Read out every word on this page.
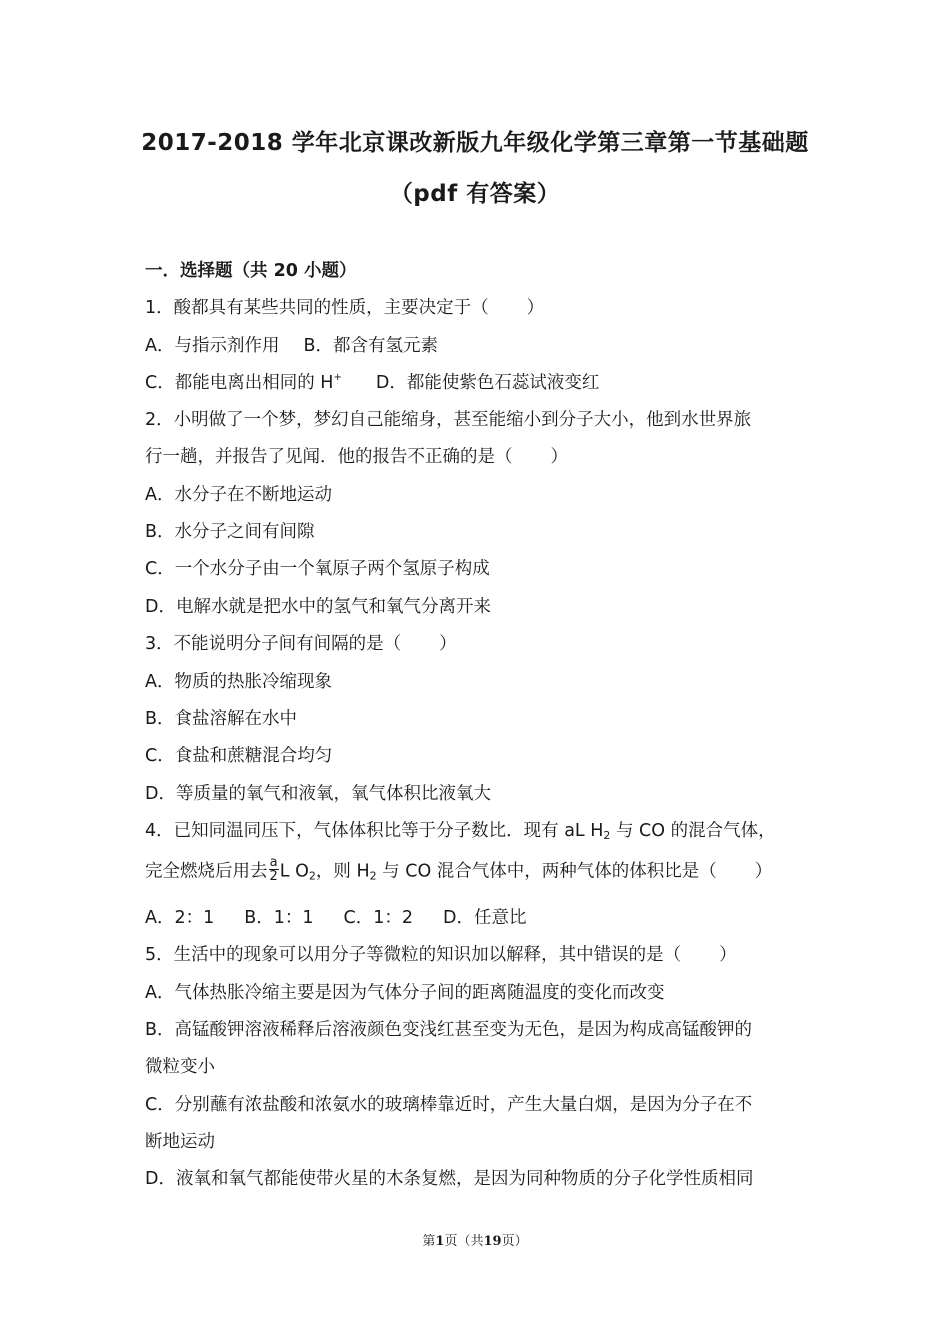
2017-2018 学年北京课改新版九年级化学第三章第一节基础题
（pdf 有答案）
一．选择题（共 20 小题）
1．酸都具有某些共同的性质，主要决定于（ ）
A．与指示剂作用 B．都含有氢元素
C．都能电离出相同的 H+ D．都能使紫色石蕊试液变红
2．小明做了一个梦，梦幻自己能缩身，甚至能缩小到分子大小，他到水世界旅
行一趟，并报告了见闻．他的报告不正确的是（ ）
A．水分子在不断地运动
B．水分子之间有间隙
C．一个水分子由一个氧原子两个氢原子构成
D．电解水就是把水中的氢气和氧气分离开来
3．不能说明分子间有间隔的是（ ）
A．物质的热胀冷缩现象
B．食盐溶解在水中
C．食盐和蔗糖混合均匀
D．等质量的氧气和液氧，氧气体积比液氧大
4．已知同温同压下，气体体积比等于分子数比．现有 aL $H_2$ 与 CO 的混合气体，
完全燃烧后用去 $\frac{a}{2}$ L $O_2$，则 $H_2$ 与 CO 混合气体中，两种气体的体积比是（ ）
A．2：1 B．1：1 C．1：2 D．任意比
5．生活中的现象可以用分子等微粒的知识加以解释，其中错误的是（ ）
A．气体热胀冷缩主要是因为气体分子间的距离随温度的变化而改变
B．高锰酸钾溶液稀释后溶液颜色变浅红甚至变为无色，是因为构成高锰酸钾的
微粒变小
C．分别蘸有浓盐酸和浓氨水的玻璃棒靠近时，产生大量白烟，是因为分子在不
断地运动
D．液氧和氧气都能使带火星的木条复燃，是因为同种物质的分子化学性质相同
第1页（共19页）
